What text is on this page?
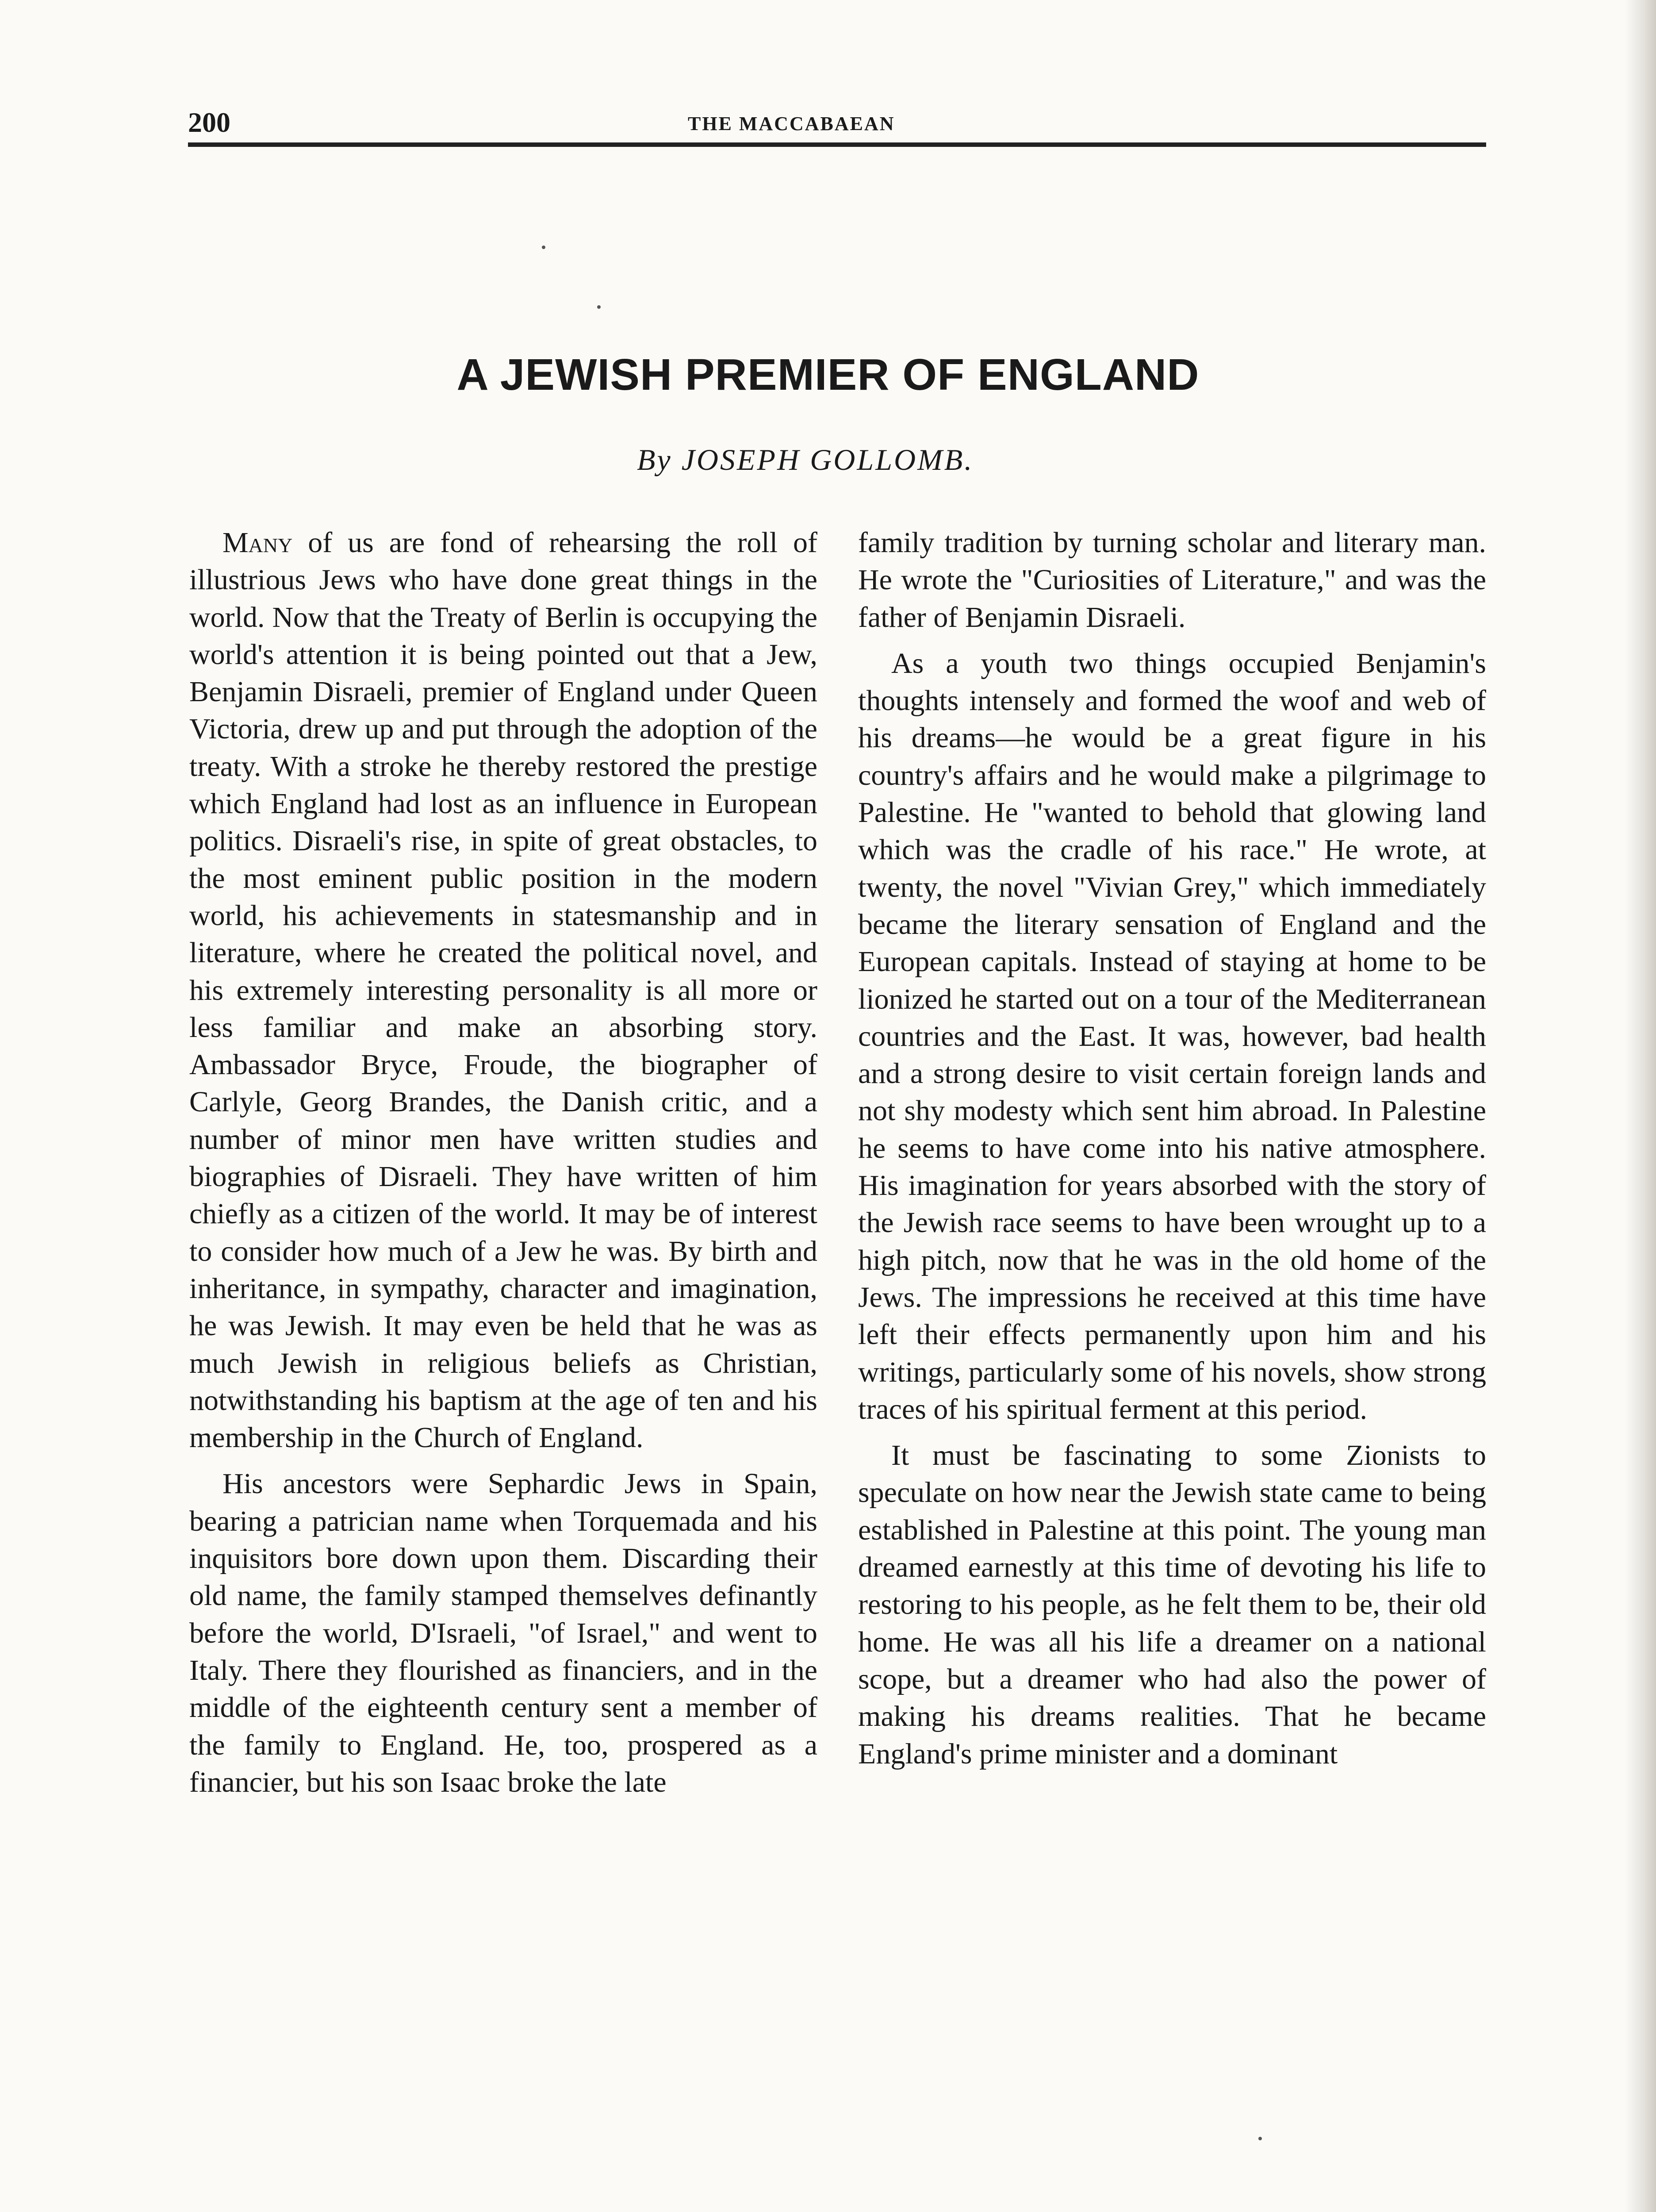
200	THE MACCABAEAN
A JEWISH PREMIER OF ENGLAND
By JOSEPH GOLLOMB.

Many of us are fond of rehearsing the roll of illustrious Jews who have done great things in the world. Now that the Treaty of Berlin is occupying the world's attention it is being pointed out that a Jew, Benjamin Disraeli, premier of England under Queen Victoria, drew up and put through the adoption of the treaty. With a stroke he thereby restored the prestige which England had lost as an influence in European politics. Disraeli's rise, in spite of great obstacles, to the most eminent public position in the modern world, his achievements in statesmanship and in literature, where he created the political novel, and his extremely interesting personality is all more or less familiar and make an absorbing story. Ambassador Bryce, Froude, the biographer of Carlyle, Georg Brandes, the Danish critic, and a number of minor men have written studies and biographies of Disraeli. They have written of him chiefly as a citizen of the world. It may be of interest to consider how much of a Jew he was. By birth and inheritance, in sympathy, character and imagination, he was Jewish. It may even be held that he was as much Jewish in religious beliefs as Christian, notwithstanding his baptism at the age of ten and his membership in the Church of England.

His ancestors were Sephardic Jews in Spain, bearing a patrician name when Torquemada and his inquisitors bore down upon them. Discarding their old name, the family stamped themselves definantly before the world, D'Israeli, "of Israel," and went to Italy. There they flourished as financiers, and in the middle of the eighteenth century sent a member of the family to England. He, too, prospered as a financier, but his son Isaac broke the late

family tradition by turning scholar and literary man. He wrote the "Curiosities of Literature," and was the father of Benjamin Disraeli.

As a youth two things occupied Benjamin's thoughts intensely and formed the woof and web of his dreams—he would be a great figure in his country's affairs and he would make a pilgrimage to Palestine. He "wanted to behold that glowing land which was the cradle of his race." He wrote, at twenty, the novel "Vivian Grey," which immediately became the literary sensation of England and the European capitals. Instead of staying at home to be lionized he started out on a tour of the Mediterranean countries and the East. It was, however, bad health and a strong desire to visit certain foreign lands and not shy modesty which sent him abroad. In Palestine he seems to have come into his native atmosphere. His imagination for years absorbed with the story of the Jewish race seems to have been wrought up to a high pitch, now that he was in the old home of the Jews. The impressions he received at this time have left their effects permanently upon him and his writings, particularly some of his novels, show strong traces of his spiritual ferment at this period.

It must be fascinating to some Zionists to speculate on how near the Jewish state came to being established in Palestine at this point. The young man dreamed earnestly at this time of devoting his life to restoring to his people, as he felt them to be, their old home. He was all his life a dreamer on a national scope, but a dreamer who had also the power of making his dreams realities. That he became England's prime minister and a dominant
